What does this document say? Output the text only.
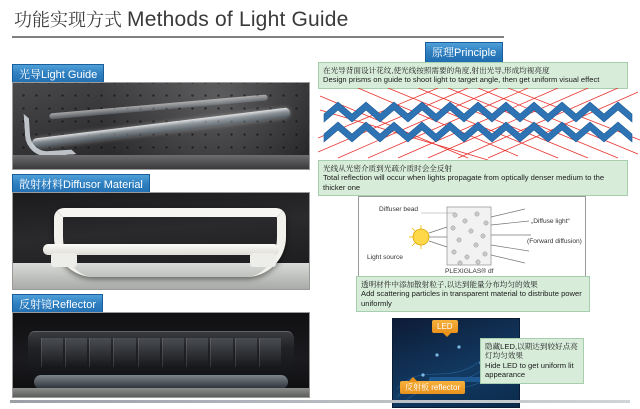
功能实现方式 Methods of Light Guide
光导Light Guide
散射材料Diffusor Material
反射镜Reflector
原理Principle
在光导背面设计花纹,使光线按照需要的角度,射出光导,形成均视亮度
Design prisms on guide to shoot light to target angle, then get uniform visual effect
光线从光密介质到光疏介质时会全反射
Total reflection will occur when lights propagate from optically denser medium to the thicker one
Diffuser bead
Light source
„Diffuse light“
(Forward diffusion)
PLEXIGLAS® df
透明材件中添加散射粒子,以达到能量分布均匀的效果
Add scattering particles in transparent material to distribute power uniformly
LED
反射板 reflector
隐藏LED,以期达到较好点亮灯均匀效果
Hide LED to get uniform lit appearance
